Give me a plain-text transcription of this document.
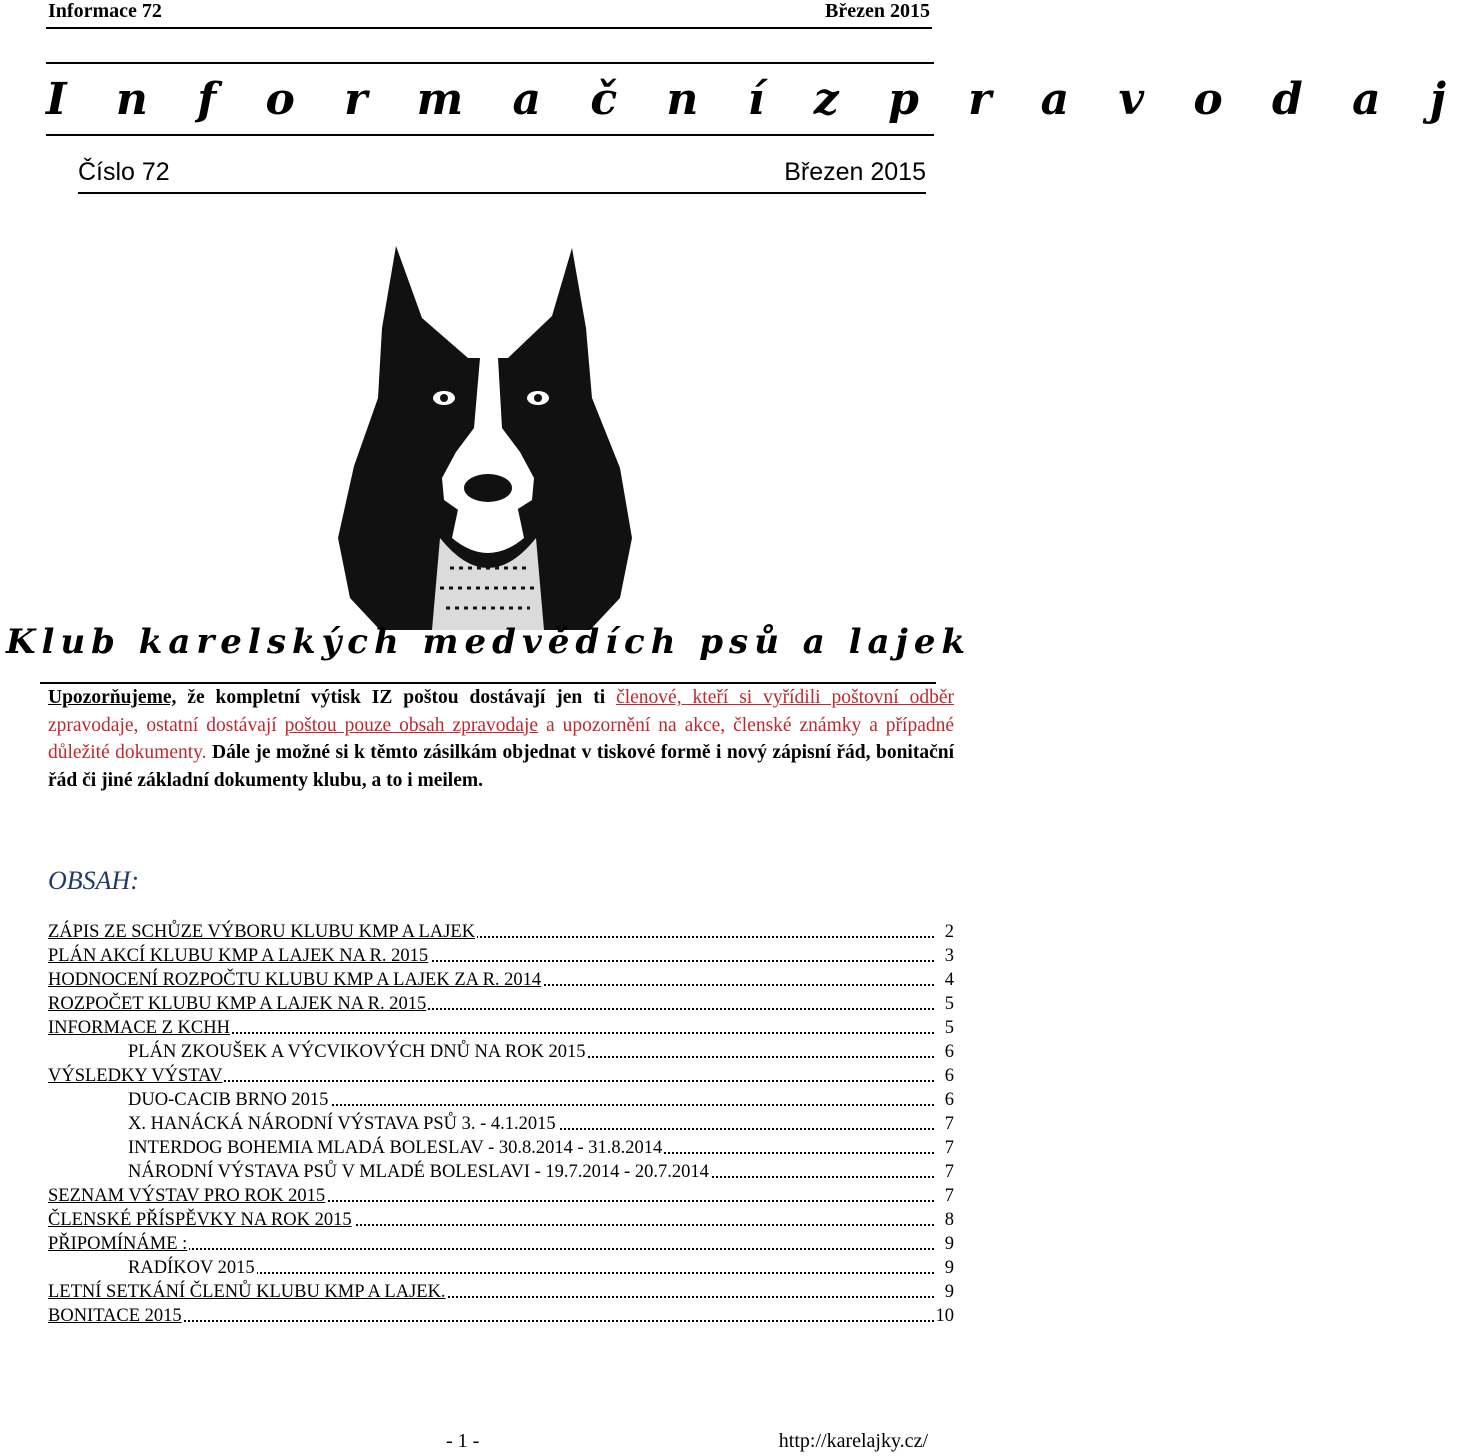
Informace 72	Březen 2015
I n f o r m a č n í z p r a v o d a j
Číslo 72	Březen 2015
Klub karelských medvědích psů a lajek
Upozorňujeme, že kompletní výtisk IZ poštou dostávají jen ti členové, kteří si vyřídili poštovní odběr zpravodaje, ostatní dostávají poštou pouze obsah zpravodaje a upozornění na akce, členské známky a případné důležité dokumenty. Dále je možné si k těmto zásilkám objednat v tiskové formě i nový zápisní řád, bonitační řád či jiné základní dokumenty klubu, a to i meilem.
OBSAH:
ZÁPIS ZE SCHŮZE VÝBORU KLUBU KMP A LAJEK	2
PLÁN AKCÍ KLUBU KMP A LAJEK NA R. 2015	3
HODNOCENÍ ROZPOČTU KLUBU KMP A LAJEK ZA R. 2014	4
ROZPOČET KLUBU KMP A LAJEK NA R. 2015	5
INFORMACE Z KCHH	5
PLÁN ZKOUŠEK A VÝCVIKOVÝCH DNŮ NA ROK 2015	6
VÝSLEDKY VÝSTAV	6
DUO-CACIB BRNO 2015	6
X. HANÁCKÁ NÁRODNÍ VÝSTAVA PSŮ 3. - 4.1.2015	7
INTERDOG BOHEMIA MLADÁ BOLESLAV - 30.8.2014 - 31.8.2014	7
NÁRODNÍ VÝSTAVA PSŮ V MLADÉ BOLESLAVI - 19.7.2014 - 20.7.2014	7
SEZNAM VÝSTAV PRO ROK 2015	7
ČLENSKÉ PŘÍSPĚVKY NA ROK 2015	8
PŘIPOMÍNÁME :	9
RADÍKOV 2015	9
LETNÍ SETKÁNÍ ČLENŮ KLUBU KMP A LAJEK.	9
BONITACE 2015	10
- 1 -	http://karelajky.cz/
